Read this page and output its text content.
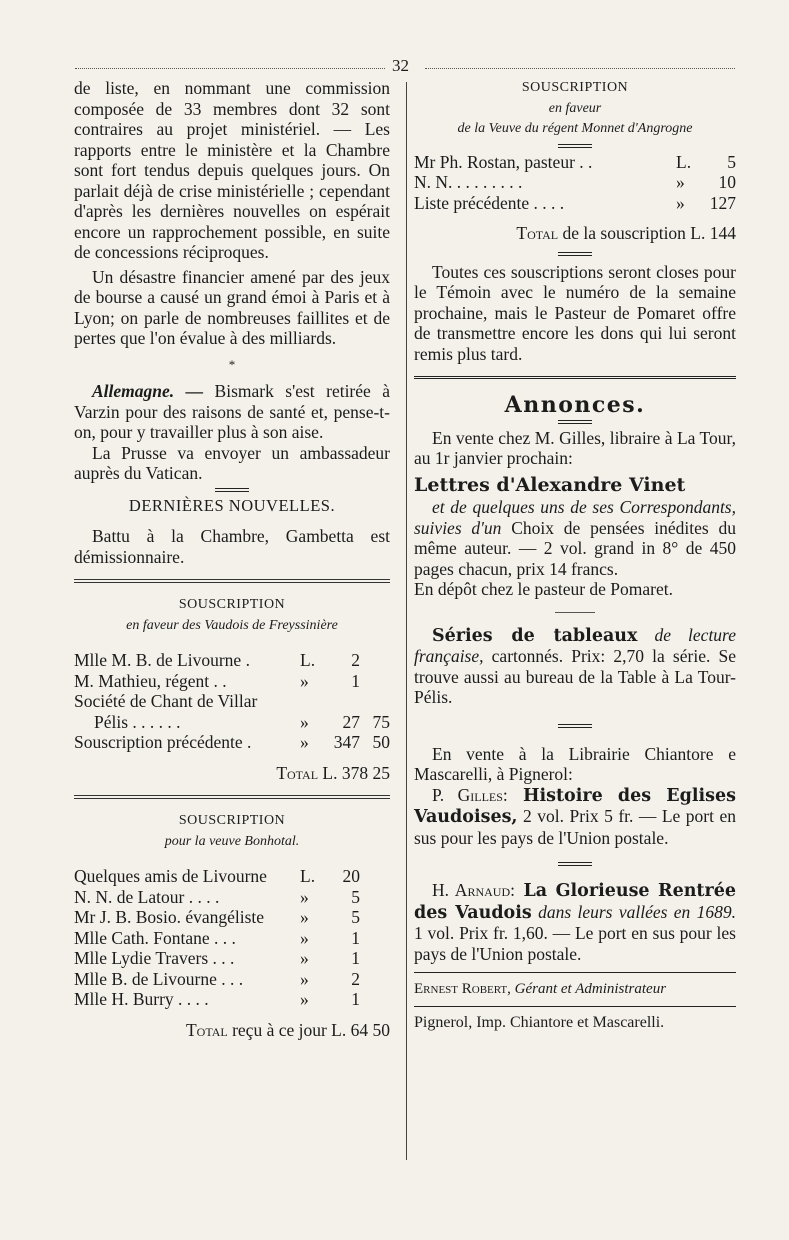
32

de liste, en nommant une commission composée de 33 membres dont 32 sont contraires au projet ministériel. — Les rapports entre le ministère et la Chambre sont fort tendus depuis quelques jours. On parlait déjà de crise ministérielle ; cependant d'après les dernières nouvelles on espérait encore un rapprochement possible, en suite de concessions réciproques.

Un désastre financier amené par des jeux de bourse a causé un grand émoi à Paris et à Lyon; on parle de nombreuses faillites et de pertes que l'on évalue à des milliards.

*

Allemagne. — Bismark s'est retirée à Varzin pour des raisons de santé et, pense-t-on, pour y travailler plus à son aise.

La Prusse va envoyer un ambassadeur auprès du Vatican.

DERNIÈRES NOUVELLES.

Battu à la Chambre, Gambetta est démissionnaire.

SOUSCRIPTION
en faveur des Vaudois de Freyssinière
Mlle M. B. de Livourne .	L.	2	
M. Mathieu, régent . .	»	1	
Société de Chant de Villar			
Pélis . . . . . .	»	27	75
Souscription précédente .	»	347	50
Total L. 378 25
SOUSCRIPTION
pour la veuve Bonhotal.
Quelques amis de Livourne	L.	20	
N. N. de Latour . . . .	»	5	
Mr J. B. Bosio. évangéliste	»	5	
Mlle Cath. Fontane . . .	»	1	
Mlle Lydie Travers . . .	»	1	
Mlle B. de Livourne . . .	»	2	
Mlle H. Burry . . . .	»	1	
Total reçu à ce jour L. 64 50
SOUSCRIPTION
en faveur
de la Veuve du régent Monnet d'Angrogne
Mr Ph. Rostan, pasteur . .	L.	5
N. N. . . . . . . . .	»	10
Liste précédente . . . .	»	127
Total de la souscription L. 144

Toutes ces souscriptions seront closes pour le Témoin avec le numéro de la semaine prochaine, mais le Pasteur de Pomaret offre de transmettre encore les dons qui lui seront remis plus tard.

Annonces.

En vente chez M. Gilles, libraire à La Tour, au 1r janvier prochain:

Lettres d'Alexandre Vinet

et de quelques uns de ses Correspondants, suivies d'un Choix de pensées inédites du même auteur. — 2 vol. grand in 8° de 450 pages chacun, prix 14 francs.

En dépôt chez le pasteur de Pomaret.

Séries de tableaux de lecture française, cartonnés. Prix: 2,70 la série. Se trouve aussi au bureau de la Table à La Tour-Pélis.

En vente à la Librairie Chiantore e Mascarelli, à Pignerol:

P. Gilles: Histoire des Eglises Vaudoises, 2 vol. Prix 5 fr. — Le port en sus pour les pays de l'Union postale.

H. Arnaud: La Glorieuse Rentrée des Vaudois dans leurs vallées en 1689. 1 vol. Prix fr. 1,60. — Le port en sus pour les pays de l'Union postale.

Ernest Robert, Gérant et Administrateur

Pignerol, Imp. Chiantore et Mascarelli.
